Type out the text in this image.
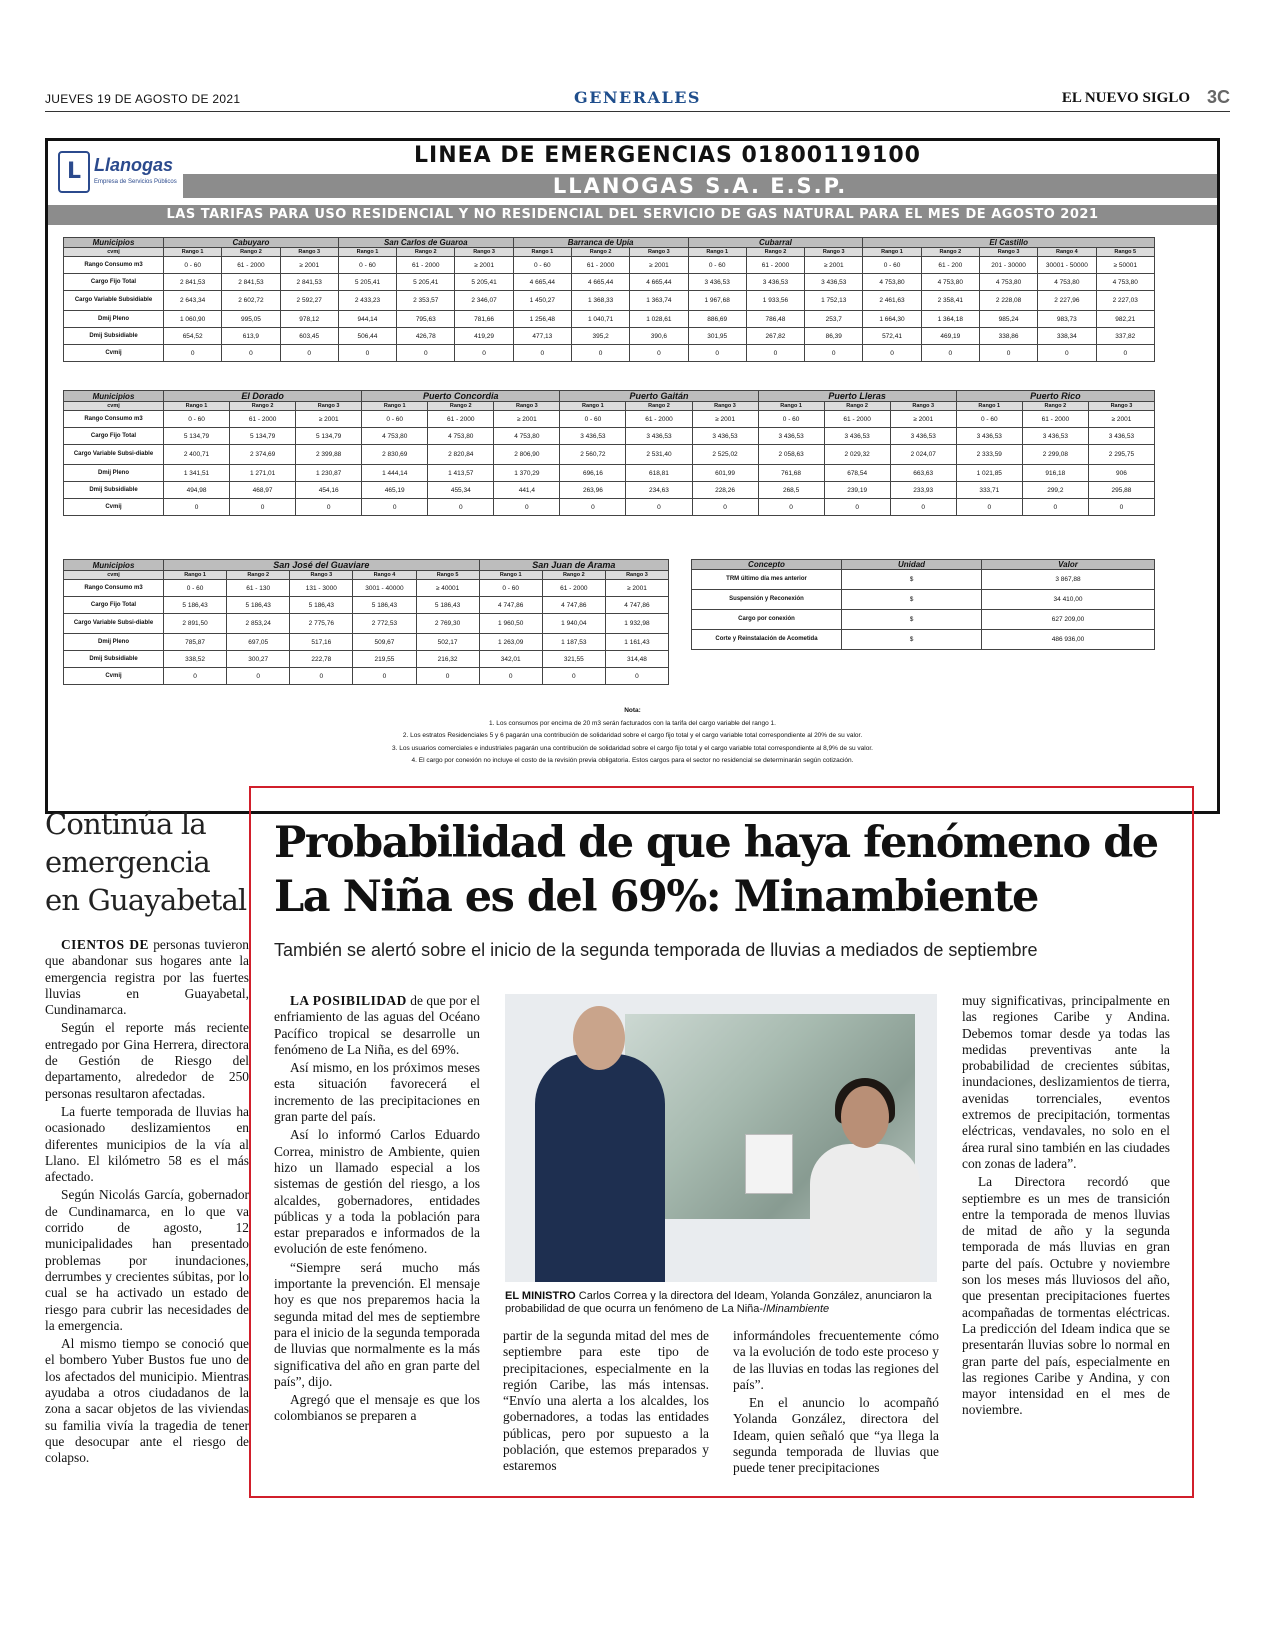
JUEVES 19 DE AGOSTO DE 2021	GENERALES	EL NUEVO SIGLO 3C
L Llanogas
Empresa de Servicios Públicos
LINEA DE EMERGENCIAS 01800119100
LLANOGAS S.A. E.S.P.
LAS TARIFAS PARA USO RESIDENCIAL Y NO RESIDENCIAL DEL SERVICIO DE GAS NATURAL PARA EL MES DE AGOSTO 2021
Municipios	Cabuyaro			San Carlos de Guaroa			Barranca de Upía			Cubarral			El Castillo				
cvmj	Rango 1	Rango 2	Rango 3	Rango 1	Rango 2	Rango 3	Rango 1	Rango 2	Rango 3	Rango 1	Rango 2	Rango 3	Rango 1	Rango 2	Rango 3	Rango 4	Rango 5
Rango Consumo m3	0 - 60	61 - 2000	≥ 2001	0 - 60	61 - 2000	≥ 2001	0 - 60	61 - 2000	≥ 2001	0 - 60	61 - 2000	≥ 2001	0 - 60	61 - 200	201 - 30000	30001 - 50000	≥ 50001
Cargo Fijo Total	2 841,53	2 841,53	2 841,53	5 205,41	5 205,41	5 205,41	4 665,44	4 665,44	4 665,44	3 436,53	3 436,53	3 436,53	4 753,80	4 753,80	4 753,80	4 753,80	4 753,80
Cargo Variable Subsidiable	2 643,34	2 602,72	2 592,27	2 433,23	2 353,57	2 346,07	1 450,27	1 368,33	1 363,74	1 967,68	1 933,56	1 752,13	2 461,63	2 358,41	2 228,08	2 227,96	2 227,03
Dmij Pleno	1 060,90	995,05	978,12	944,14	795,63	781,66	1 256,48	1 040,71	1 028,61	886,69	786,48	253,7	1 664,30	1 364,18	985,24	983,73	982,21
Dmij Subsidiable	654,52	613,9	603,45	506,44	426,78	419,29	477,13	395,2	390,6	301,95	267,82	86,39	572,41	469,19	338,86	338,34	337,82
Cvmij	0	0	0	0	0	0	0	0	0	0	0	0	0	0	0	0	0
Municipios	El Dorado			Puerto Concordia			Puerto Gaitán			Puerto Lleras			Puerto Rico		
cvmj	Rango 1	Rango 2	Rango 3	Rango 1	Rango 2	Rango 3	Rango 1	Rango 2	Rango 3	Rango 1	Rango 2	Rango 3	Rango 1	Rango 2	Rango 3
Rango Consumo m3	0 - 60	61 - 2000	≥ 2001	0 - 60	61 - 2000	≥ 2001	0 - 60	61 - 2000	≥ 2001	0 - 60	61 - 2000	≥ 2001	0 - 60	61 - 2000	≥ 2001
Cargo Fijo Total	5 134,79	5 134,79	5 134,79	4 753,80	4 753,80	4 753,80	3 436,53	3 436,53	3 436,53	3 436,53	3 436,53	3 436,53	3 436,53	3 436,53	3 436,53
Cargo Variable Subsi-diable	2 400,71	2 374,69	2 399,88	2 830,69	2 820,84	2 806,90	2 560,72	2 531,40	2 525,02	2 058,63	2 029,32	2 024,07	2 333,59	2 299,08	2 295,75
Dmij Pleno	1 341,51	1 271,01	1 230,87	1 444,14	1 413,57	1 370,29	696,16	618,81	601,99	761,68	678,54	663,63	1 021,85	916,18	906
Dmij Subsidiable	494,98	468,97	454,16	465,19	455,34	441,4	263,96	234,63	228,26	268,5	239,19	233,93	333,71	299,2	295,88
Cvmij	0	0	0	0	0	0	0	0	0	0	0	0	0	0	0
Municipios	San José del Guaviare					San Juan de Arama		
cvmj	Rango 1	Rango 2	Rango 3	Rango 4	Rango 5	Rango 1	Rango 2	Rango 3
Rango Consumo m3	0 - 60	61 - 130	131 - 3000	3001 - 40000	≥ 40001	0 - 60	61 - 2000	≥ 2001
Cargo Fijo Total	5 186,43	5 186,43	5 186,43	5 186,43	5 186,43	4 747,86	4 747,86	4 747,86
Cargo Variable Subsi-diable	2 891,50	2 853,24	2 775,76	2 772,53	2 769,30	1 960,50	1 940,04	1 932,98
Dmij Pleno	785,87	697,05	517,16	509,67	502,17	1 263,09	1 187,53	1 161,43
Dmij Subsidiable	338,52	300,27	222,78	219,55	216,32	342,01	321,55	314,48
Cvmij	0	0	0	0	0	0	0	0
Concepto	Unidad	Valor
TRM último día mes anterior	$	3 867,88
Suspensión y Reconexión	$	34 410,00
Cargo por conexión	$	627 209,00
Corte y Reinstalación de Acometida	$	486 936,00
Nota:
1. Los consumos por encima de 20 m3 serán facturados con la tarifa del cargo variable del rango 1.
2. Los estratos Residenciales 5 y 6 pagarán una contribución de solidaridad sobre el cargo fijo total y el cargo variable total correspondiente al 20% de su valor.
3. Los usuarios comerciales e industriales pagarán una contribución de solidaridad sobre el cargo fijo total y el cargo variable total correspondiente al 8,9% de su valor.
4. El cargo por conexión no incluye el costo de la revisión previa obligatoria. Estos cargos para el sector no residencial se determinarán según cotización.
Continúa la emergencia en Guayabetal

CIENTOS DE personas tuvieron que abandonar sus hogares ante la emergencia registra por las fuertes lluvias en Guayabetal, Cundinamarca.

Según el reporte más reciente entregado por Gina Herrera, directora de Gestión de Riesgo del departamento, alrededor de 250 personas resultaron afectadas.

La fuerte temporada de lluvias ha ocasionado deslizamientos en diferentes municipios de la vía al Llano. El kilómetro 58 es el más afectado.

Según Nicolás García, gobernador de Cundinamarca, en lo que va corrido de agosto, 12 municipalidades han presentado problemas por inundaciones, derrumbes y crecientes súbitas, por lo cual se ha activado un estado de riesgo para cubrir las necesidades de la emergencia.

Al mismo tiempo se conoció que el bombero Yuber Bustos fue uno de los afectados del municipio. Mientras ayudaba a otros ciudadanos de la zona a sacar objetos de las viviendas su familia vivía la tragedia de tener que desocupar ante el riesgo de colapso.

Probabilidad de que haya fenómeno de La Niña es del 69%: Minambiente
También se alertó sobre el inicio de la segunda temporada de lluvias a mediados de septiembre

LA POSIBILIDAD de que por el enfriamiento de las aguas del Océano Pacífico tropical se desarrolle un fenómeno de La Niña, es del 69%.

Así mismo, en los próximos meses esta situación favorecerá el incremento de las precipitaciones en gran parte del país.

Así lo informó Carlos Eduardo Correa, ministro de Ambiente, quien hizo un llamado especial a los sistemas de gestión del riesgo, a los alcaldes, gobernadores, entidades públicas y a toda la población para estar preparados e informados de la evolución de este fenómeno.

“Siempre será mucho más importante la prevención. El mensaje hoy es que nos preparemos hacia la segunda mitad del mes de septiembre para el inicio de la segunda temporada de lluvias que normalmente es la más significativa del año en gran parte del país”, dijo.

Agregó que el mensaje es que los colombianos se preparen a

EL MINISTRO Carlos Correa y la directora del Ideam, Yolanda González, anunciaron la probabilidad de que ocurra un fenómeno de La Niña-/Minambiente

partir de la segunda mitad del mes de septiembre para este tipo de precipitaciones, especialmente en la región Caribe, las más intensas. “Envío una alerta a los alcaldes, los gobernadores, a todas las entidades públicas, pero por supuesto a la población, que estemos preparados y estaremos

informándoles frecuentemente cómo va la evolución de todo este proceso y de las lluvias en todas las regiones del país”.

En el anuncio lo acompañó Yolanda González, directora del Ideam, quien señaló que “ya llega la segunda temporada de lluvias que puede tener precipitaciones

muy significativas, principalmente en las regiones Caribe y Andina. Debemos tomar desde ya todas las medidas preventivas ante la probabilidad de crecientes súbitas, inundaciones, deslizamientos de tierra, avenidas torrenciales, eventos extremos de precipitación, tormentas eléctricas, vendavales, no solo en el área rural sino también en las ciudades con zonas de ladera”.

La Directora recordó que septiembre es un mes de transición entre la temporada de menos lluvias de mitad de año y la segunda temporada de más lluvias en gran parte del país. Octubre y noviembre son los meses más lluviosos del año, que presentan precipitaciones fuertes acompañadas de tormentas eléctricas. La predicción del Ideam indica que se presentarán lluvias sobre lo normal en gran parte del país, especialmente en las regiones Caribe y Andina, y con mayor intensidad en el mes de noviembre.
